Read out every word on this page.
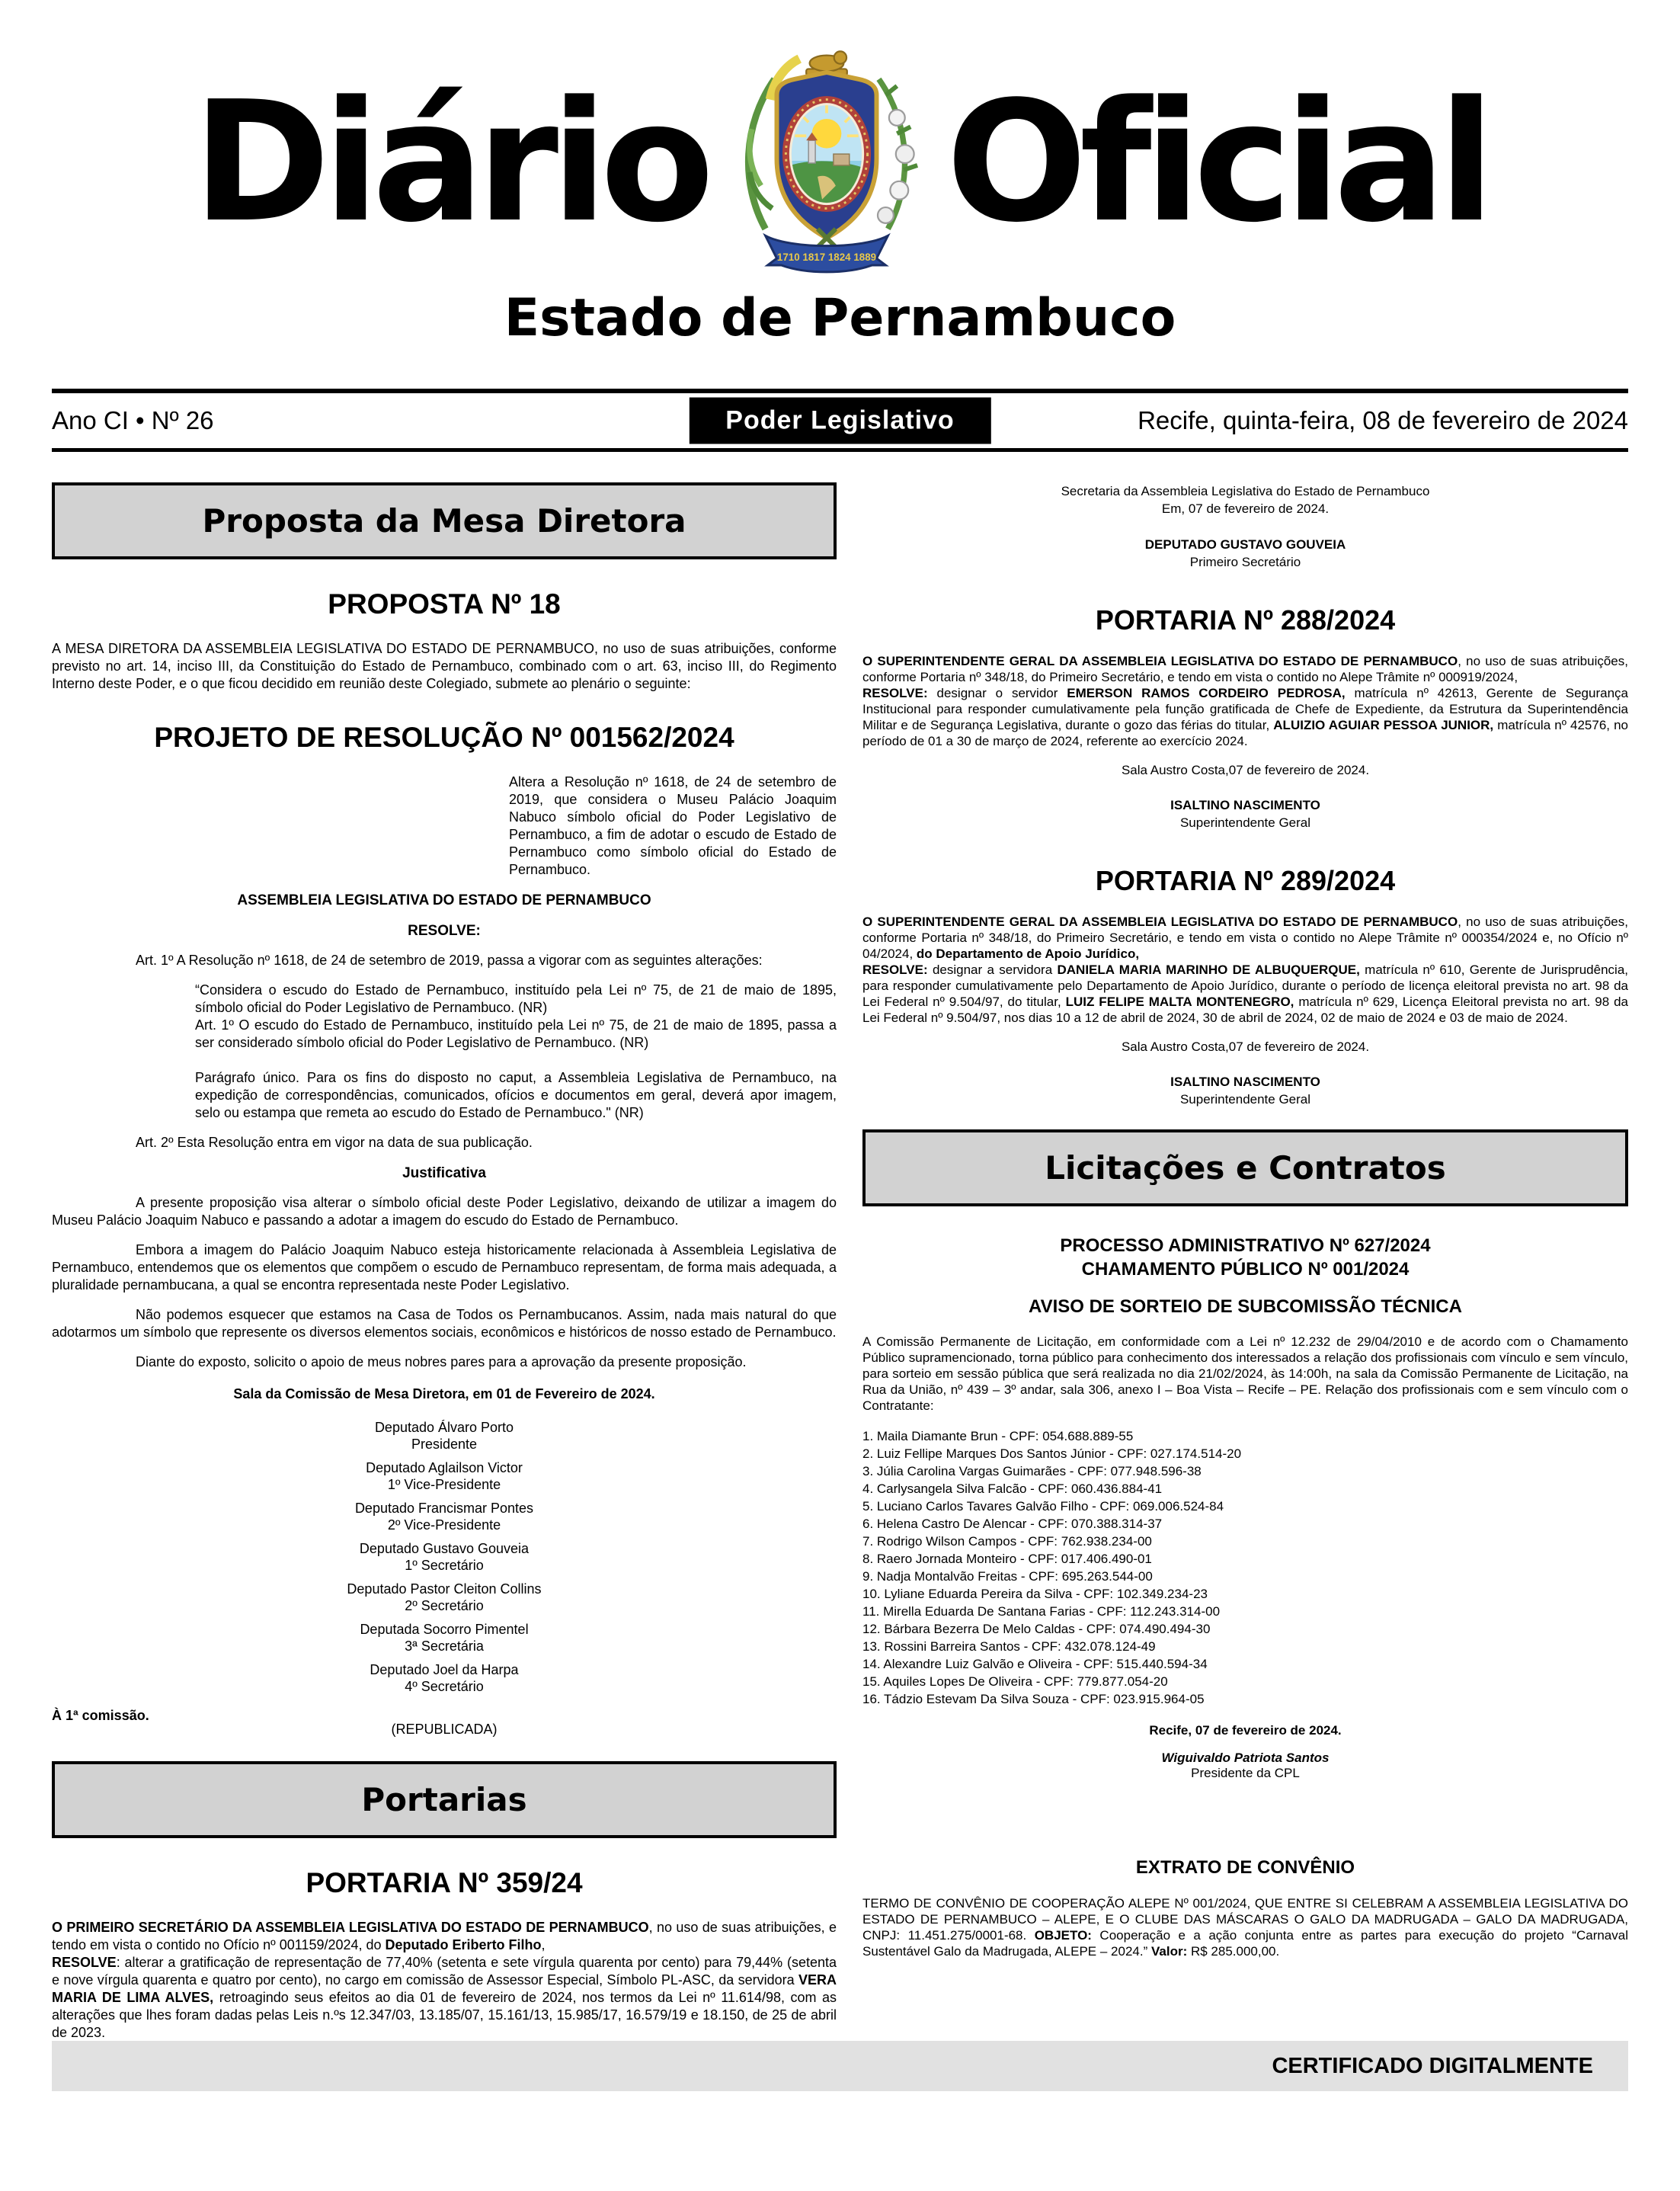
Diário	1710 1817 1824 1889 Oficial
Estado de Pernambuco
Ano CI • Nº 26	Poder Legislativo	Recife, quinta-feira, 08 de fevereiro de 2024
Proposta da Mesa Diretora
PROPOSTA Nº 18

A MESA DIRETORA DA ASSEMBLEIA LEGISLATIVA DO ESTADO DE PERNAMBUCO, no uso de suas atribuições, conforme previsto no art. 14, inciso III, da Constituição do Estado de Pernambuco, combinado com o art. 63, inciso III, do Regimento Interno deste Poder, e o que ficou decidido em reunião deste Colegiado, submete ao plenário o seguinte:

PROJETO DE RESOLUÇÃO Nº 001562/2024

Altera a Resolução nº 1618, de 24 de setembro de 2019, que considera o Museu Palácio Joaquim Nabuco símbolo oficial do Poder Legislativo de Pernambuco, a fim de adotar o escudo de Estado de Pernambuco como símbolo oficial do Estado de Pernambuco.

ASSEMBLEIA LEGISLATIVA DO ESTADO DE PERNAMBUCO
RESOLVE:

Art. 1º A Resolução nº 1618, de 24 de setembro de 2019, passa a vigorar com as seguintes alterações:

“Considera o escudo do Estado de Pernambuco, instituído pela Lei nº 75, de 21 de maio de 1895, símbolo oficial do Poder Legislativo de Pernambuco. (NR)

Art. 1º O escudo do Estado de Pernambuco, instituído pela Lei nº 75, de 21 de maio de 1895, passa a ser considerado símbolo oficial do Poder Legislativo de Pernambuco. (NR)

Parágrafo único. Para os fins do disposto no caput, a Assembleia Legislativa de Pernambuco, na expedição de correspondências, comunicados, ofícios e documentos em geral, deverá apor imagem, selo ou estampa que remeta ao escudo do Estado de Pernambuco." (NR)

Art. 2º Esta Resolução entra em vigor na data de sua publicação.

Justificativa

A presente proposição visa alterar o símbolo oficial deste Poder Legislativo, deixando de utilizar a imagem do Museu Palácio Joaquim Nabuco e passando a adotar a imagem do escudo do Estado de Pernambuco.

Embora a imagem do Palácio Joaquim Nabuco esteja historicamente relacionada à Assembleia Legislativa de Pernambuco, entendemos que os elementos que compõem o escudo de Pernambuco representam, de forma mais adequada, a pluralidade pernambucana, a qual se encontra representada neste Poder Legislativo.

Não podemos esquecer que estamos na Casa de Todos os Pernambucanos. Assim, nada mais natural do que adotarmos um símbolo que represente os diversos elementos sociais, econômicos e históricos de nosso estado de Pernambuco.

Diante do exposto, solicito o apoio de meus nobres pares para a aprovação da presente proposição.

Sala da Comissão de Mesa Diretora, em 01 de Fevereiro de 2024.
Deputado Álvaro Porto
Presidente
Deputado Aglailson Victor
1º Vice-Presidente
Deputado Francismar Pontes
2º Vice-Presidente
Deputado Gustavo Gouveia
1º Secretário
Deputado Pastor Cleiton Collins
2º Secretário
Deputada Socorro Pimentel
3ª Secretária
Deputado Joel da Harpa
4º Secretário
À 1ª comissão.
(REPUBLICADA)
Portarias
PORTARIA Nº 359/24

O PRIMEIRO SECRETÁRIO DA ASSEMBLEIA LEGISLATIVA DO ESTADO DE PERNAMBUCO, no uso de suas atribuições, e tendo em vista o contido no Ofício nº 001159/2024, do Deputado Eriberto Filho,

RESOLVE: alterar a gratificação de representação de 77,40% (setenta e sete vírgula quarenta por cento) para 79,44% (setenta e nove vírgula quarenta e quatro por cento), no cargo em comissão de Assessor Especial, Símbolo PL-ASC, da servidora VERA MARIA DE LIMA ALVES, retroagindo seus efeitos ao dia 01 de fevereiro de 2024, nos termos da Lei nº 11.614/98, com as alterações que lhes foram dadas pelas Leis n.ºs 12.347/03, 13.185/07, 15.161/13, 15.985/17, 16.579/19 e 18.150, de 25 de abril de 2023.

Secretaria da Assembleia Legislativa do Estado de Pernambuco
Em, 07 de fevereiro de 2024.
DEPUTADO GUSTAVO GOUVEIA
Primeiro Secretário
PORTARIA Nº 288/2024

O SUPERINTENDENTE GERAL DA ASSEMBLEIA LEGISLATIVA DO ESTADO DE PERNAMBUCO, no uso de suas atribuições, conforme Portaria nº 348/18, do Primeiro Secretário, e tendo em vista o contido no Alepe Trâmite nº 000919/2024,

RESOLVE: designar o servidor EMERSON RAMOS CORDEIRO PEDROSA, matrícula nº 42613, Gerente de Segurança Institucional para responder cumulativamente pela função gratificada de Chefe de Expediente, da Estrutura da Superintendência Militar e de Segurança Legislativa, durante o gozo das férias do titular, ALUIZIO AGUIAR PESSOA JUNIOR, matrícula nº 42576, no período de 01 a 30 de março de 2024, referente ao exercício 2024.

Sala Austro Costa,07 de fevereiro de 2024.
ISALTINO NASCIMENTO
Superintendente Geral
PORTARIA Nº 289/2024

O SUPERINTENDENTE GERAL DA ASSEMBLEIA LEGISLATIVA DO ESTADO DE PERNAMBUCO, no uso de suas atribuições, conforme Portaria nº 348/18, do Primeiro Secretário, e tendo em vista o contido no Alepe Trâmite nº 000354/2024 e, no Ofício nº 04/2024, do Departamento de Apoio Jurídico,

RESOLVE: designar a servidora DANIELA MARIA MARINHO DE ALBUQUERQUE, matrícula nº 610, Gerente de Jurisprudência, para responder cumulativamente pelo Departamento de Apoio Jurídico, durante o período de licença eleitoral prevista no art. 98 da Lei Federal nº 9.504/97, do titular, LUIZ FELIPE MALTA MONTENEGRO, matrícula nº 629, Licença Eleitoral prevista no art. 98 da Lei Federal nº 9.504/97, nos dias 10 a 12 de abril de 2024, 30 de abril de 2024, 02 de maio de 2024 e 03 de maio de 2024.

Sala Austro Costa,07 de fevereiro de 2024.
ISALTINO NASCIMENTO
Superintendente Geral
Licitações e Contratos
PROCESSO ADMINISTRATIVO Nº 627/2024
CHAMAMENTO PÚBLICO Nº 001/2024
AVISO DE SORTEIO DE SUBCOMISSÃO TÉCNICA

A Comissão Permanente de Licitação, em conformidade com a Lei nº 12.232 de 29/04/2010 e de acordo com o Chamamento Público supramencionado, torna público para conhecimento dos interessados a relação dos profissionais com vínculo e sem vínculo, para sorteio em sessão pública que será realizada no dia 21/02/2024, às 14:00h, na sala da Comissão Permanente de Licitação, na Rua da União, nº 439 – 3º andar, sala 306, anexo I – Boa Vista – Recife – PE. Relação dos profissionais com e sem vínculo com o Contratante:

1. Maila Diamante Brun - CPF: 054.688.889-55

2. Luiz Fellipe Marques Dos Santos Júnior - CPF: 027.174.514-20

3. Júlia Carolina Vargas Guimarães - CPF: 077.948.596-38

4. Carlysangela Silva Falcão - CPF: 060.436.884-41

5. Luciano Carlos Tavares Galvão Filho - CPF: 069.006.524-84

6. Helena Castro De Alencar - CPF: 070.388.314-37

7. Rodrigo Wilson Campos - CPF: 762.938.234-00

8. Raero Jornada Monteiro - CPF: 017.406.490-01

9. Nadja Montalvão Freitas - CPF: 695.263.544-00

10. Lyliane Eduarda Pereira da Silva - CPF: 102.349.234-23

11. Mirella Eduarda De Santana Farias - CPF: 112.243.314-00

12. Bárbara Bezerra De Melo Caldas - CPF: 074.490.494-30

13. Rossini Barreira Santos - CPF: 432.078.124-49

14. Alexandre Luiz Galvão e Oliveira - CPF: 515.440.594-34

15. Aquiles Lopes De Oliveira - CPF: 779.877.054-20

16. Tádzio Estevam Da Silva Souza - CPF: 023.915.964-05

Recife, 07 de fevereiro de 2024.
Wiguivaldo Patriota Santos
Presidente da CPL
EXTRATO DE CONVÊNIO

TERMO DE CONVÊNIO DE COOPERAÇÃO ALEPE Nº 001/2024, QUE ENTRE SI CELEBRAM A ASSEMBLEIA LEGISLATIVA DO ESTADO DE PERNAMBUCO – ALEPE, E O CLUBE DAS MÁSCARAS O GALO DA MADRUGADA – GALO DA MADRUGADA, CNPJ: 11.451.275/0001-68. OBJETO: Cooperação e a ação conjunta entre as partes para execução do projeto “Carnaval Sustentável Galo da Madrugada, ALEPE – 2024.” Valor: R$ 285.000,00.

CERTIFICADO DIGITALMENTE
